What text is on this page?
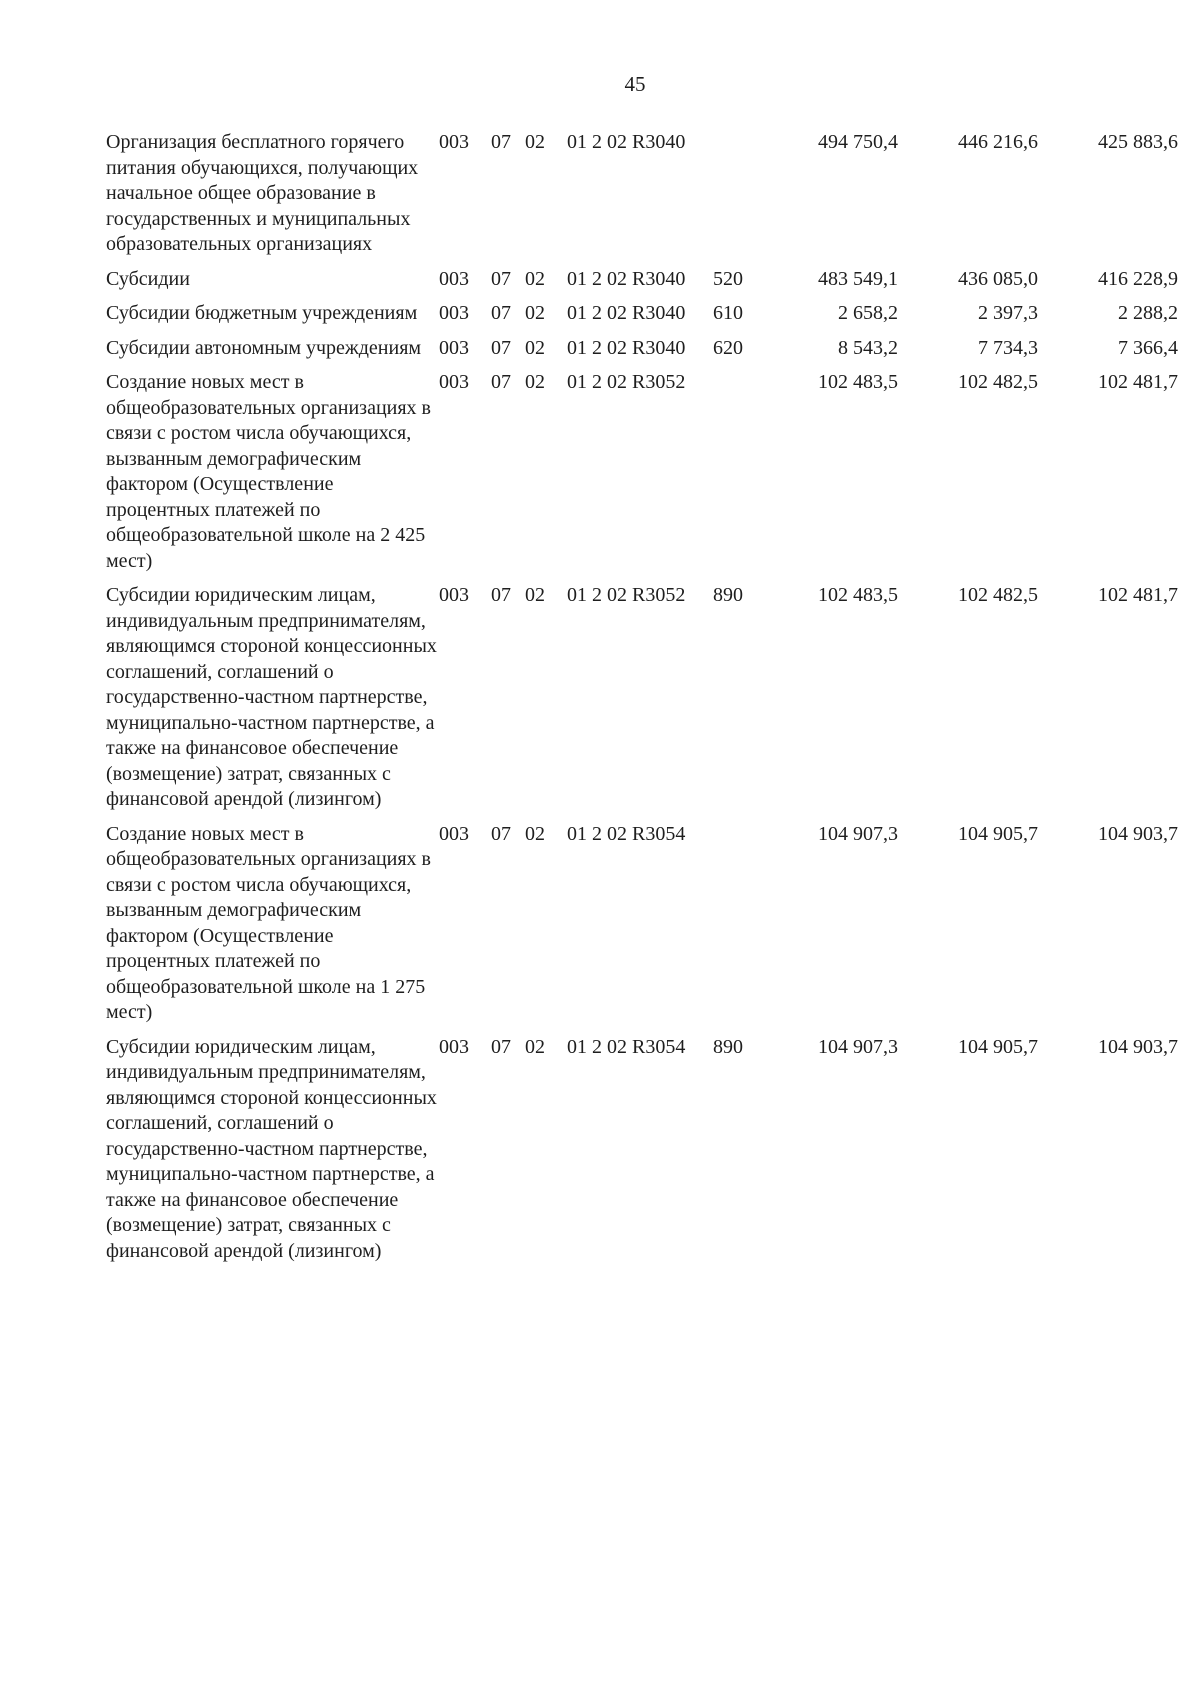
45
Организация бесплатного горячего питания обучающихся, получающих начальное общее образование в государственных и муниципальных образовательных организациях	003	07	02	01 2 02 R3040		494 750,4	446 216,6	425 883,6
Субсидии	003	07	02	01 2 02 R3040	520	483 549,1	436 085,0	416 228,9
Субсидии бюджетным учреждениям	003	07	02	01 2 02 R3040	610	2 658,2	2 397,3	2 288,2
Субсидии автономным учреждениям	003	07	02	01 2 02 R3040	620	8 543,2	7 734,3	7 366,4
Создание новых мест в общеобразовательных организациях в связи с ростом числа обучающихся, вызванным демографическим фактором (Осуществление процентных платежей по общеобразовательной школе на 2 425 мест)	003	07	02	01 2 02 R3052		102 483,5	102 482,5	102 481,7
Субсидии юридическим лицам, индивидуальным предпринимателям, являющимся стороной концессионных соглашений, соглашений о государственно-частном партнерстве, муниципально-частном партнерстве, а также на финансовое обеспечение (возмещение) затрат, связанных с финансовой арендой (лизингом)	003	07	02	01 2 02 R3052	890	102 483,5	102 482,5	102 481,7
Создание новых мест в общеобразовательных организациях в связи с ростом числа обучающихся, вызванным демографическим фактором (Осуществление процентных платежей по общеобразовательной школе на 1 275 мест)	003	07	02	01 2 02 R3054		104 907,3	104 905,7	104 903,7
Субсидии юридическим лицам, индивидуальным предпринимателям, являющимся стороной концессионных соглашений, соглашений о государственно-частном партнерстве, муниципально-частном партнерстве, а также на финансовое обеспечение (возмещение) затрат, связанных с финансовой арендой (лизингом)	003	07	02	01 2 02 R3054	890	104 907,3	104 905,7	104 903,7
